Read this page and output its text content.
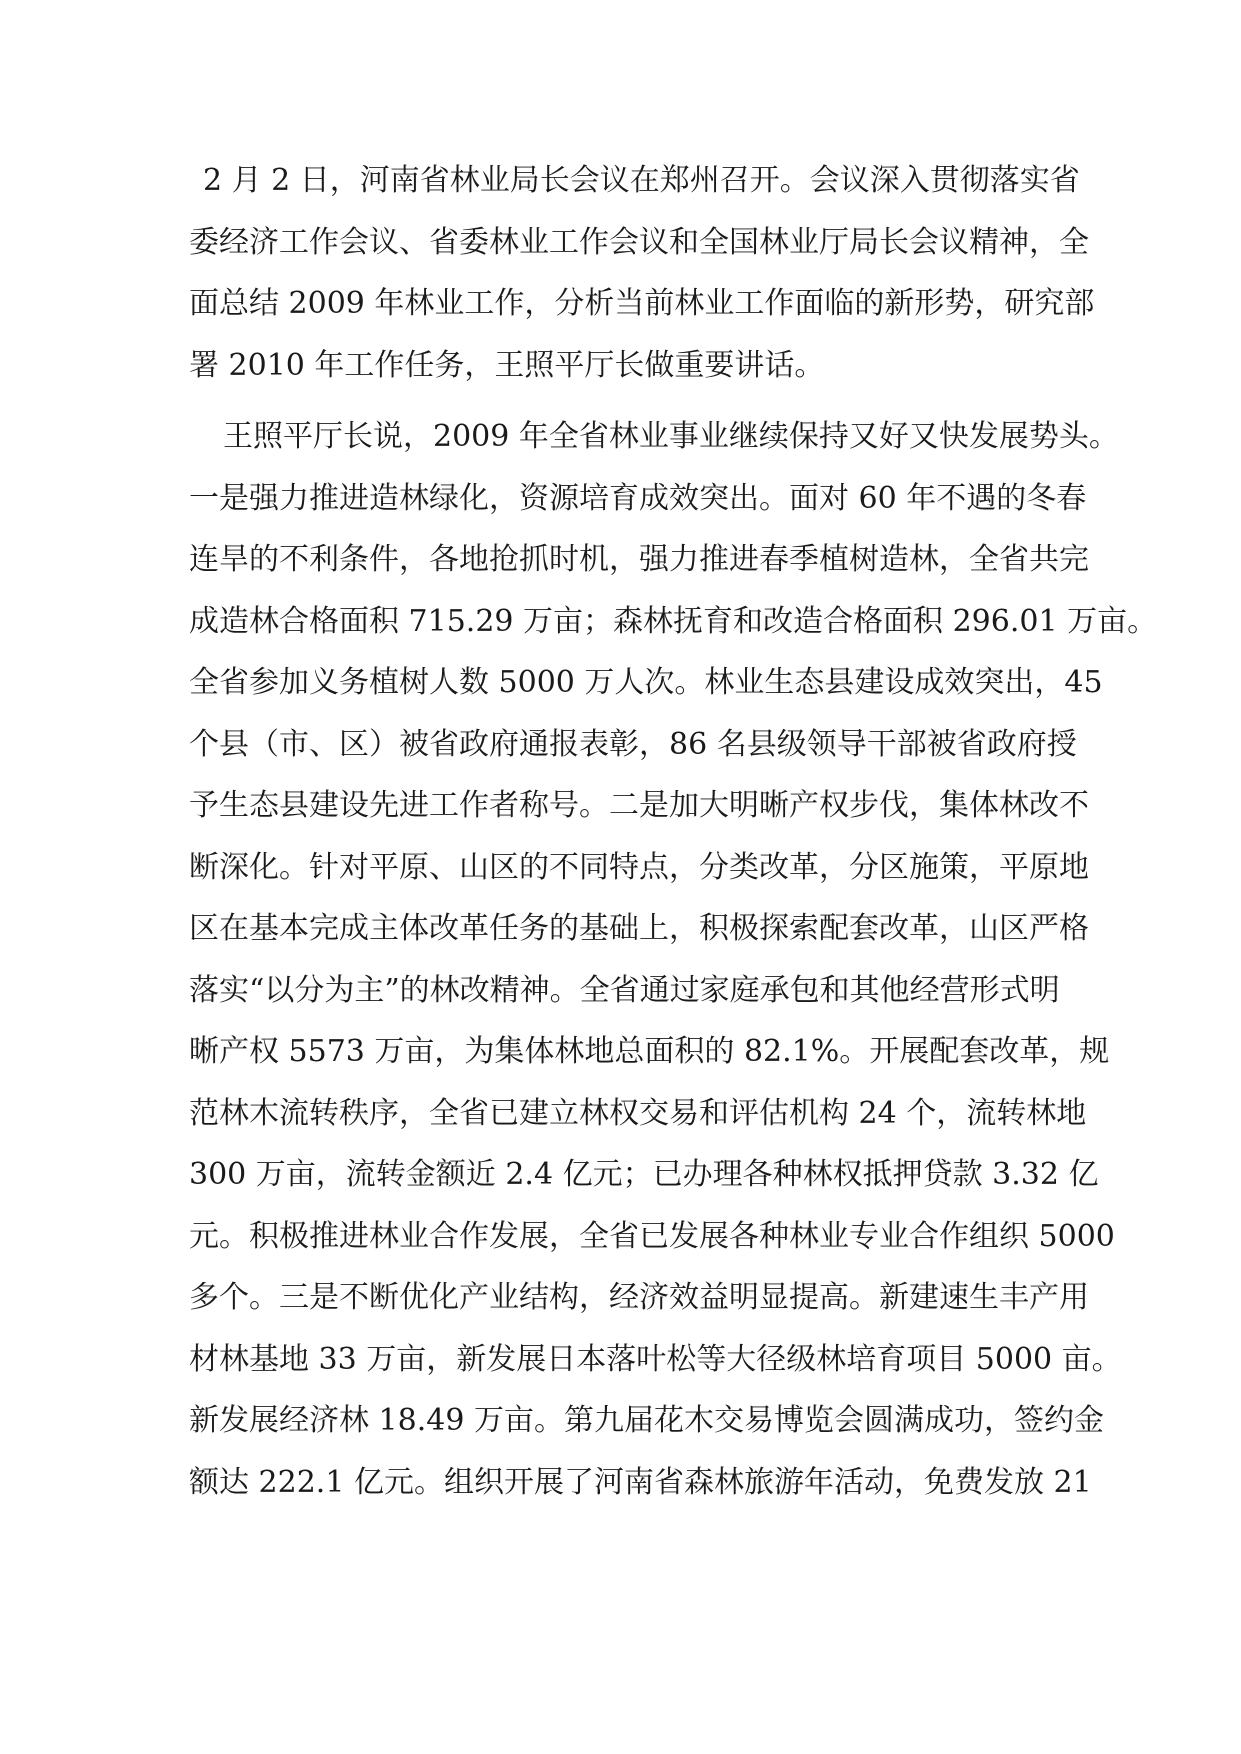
2 月 2 日，河南省林业局长会议在郑州召开。会议深入贯彻落实省
委经济工作会议、省委林业工作会议和全国林业厅局长会议精神，全
面总结 2009 年林业工作，分析当前林业工作面临的新形势，研究部
署 2010 年工作任务，王照平厅长做重要讲话。
王照平厅长说，2009 年全省林业事业继续保持又好又快发展势头。
一是强力推进造林绿化，资源培育成效突出。面对 60 年不遇的冬春
连旱的不利条件，各地抢抓时机，强力推进春季植树造林，全省共完
成造林合格面积 715.29 万亩；森林抚育和改造合格面积 296.01 万亩。
全省参加义务植树人数 5000 万人次。林业生态县建设成效突出，45
个县（市、区）被省政府通报表彰，86 名县级领导干部被省政府授
予生态县建设先进工作者称号。二是加大明晰产权步伐，集体林改不
断深化。针对平原、山区的不同特点，分类改革，分区施策，平原地
区在基本完成主体改革任务的基础上，积极探索配套改革，山区严格
落实“以分为主”的林改精神。全省通过家庭承包和其他经营形式明
晰产权 5573 万亩，为集体林地总面积的 82.1%。开展配套改革，规
范林木流转秩序，全省已建立林权交易和评估机构 24 个，流转林地
300 万亩，流转金额近 2.4 亿元；已办理各种林权抵押贷款 3.32 亿
元。积极推进林业合作发展，全省已发展各种林业专业合作组织 5000
多个。三是不断优化产业结构，经济效益明显提高。新建速生丰产用
材林基地 33 万亩，新发展日本落叶松等大径级林培育项目 5000 亩。
新发展经济林 18.49 万亩。第九届花木交易博览会圆满成功，签约金
额达 222.1 亿元。组织开展了河南省森林旅游年活动，免费发放 21
